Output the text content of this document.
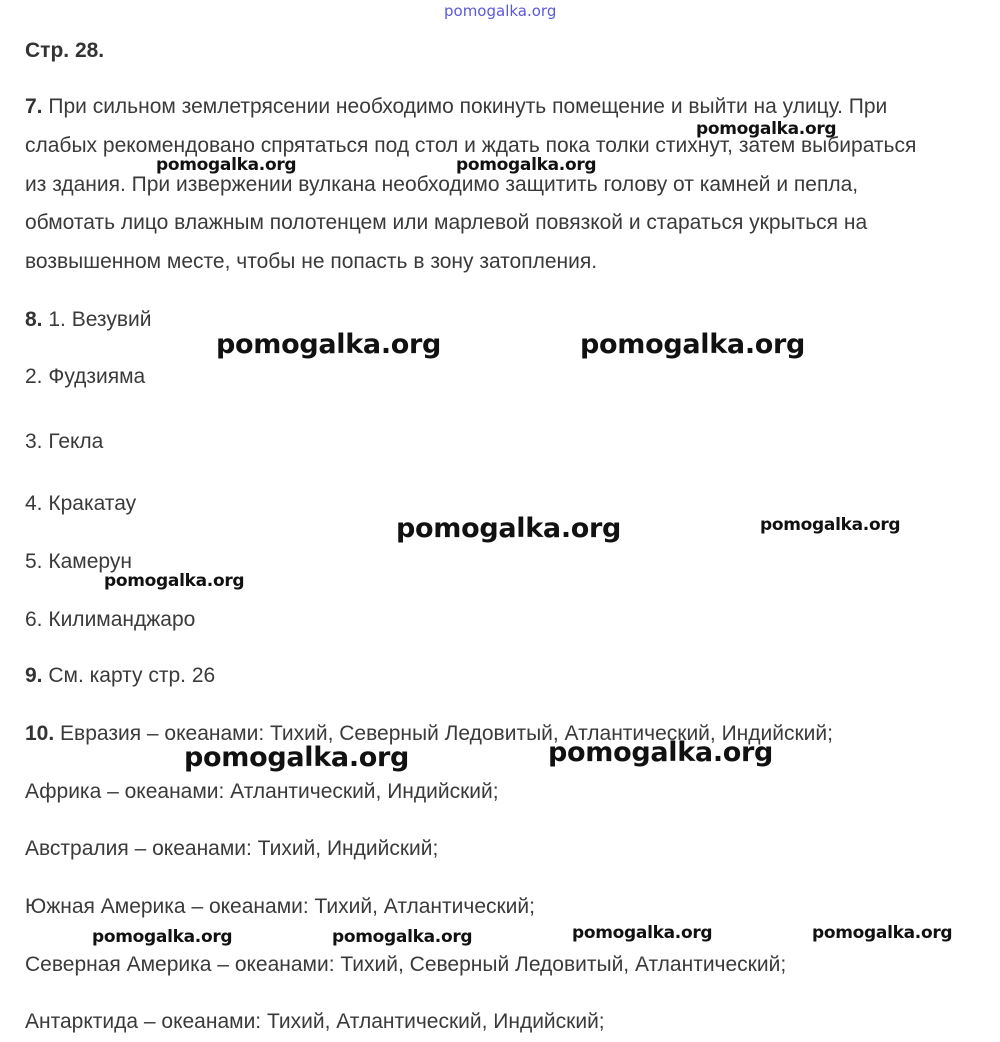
pomogalka.org
Стр. 28.
7. При сильном землетрясении необходимо покинуть помещение и выйти на улицу. При
слабых рекомендовано спрятаться под стол и ждать пока толки стихнут, затем выбираться
из здания. При извержении вулкана необходимо защитить голову от камней и пепла,
обмотать лицо влажным полотенцем или марлевой повязкой и стараться укрыться на
возвышенном месте, чтобы не попасть в зону затопления.
8. 1. Везувий
2. Фудзияма
3. Гекла
4. Кракатау
5. Камерун
6. Килиманджаро
9. См. карту стр. 26
10. Евразия – океанами: Тихий, Северный Ледовитый, Атлантический, Индийский;
Африка – океанами: Атлантический, Индийский;
Австралия – океанами: Тихий, Индийский;
Южная Америка – океанами: Тихий, Атлантический;
Северная Америка – океанами: Тихий, Северный Ледовитый, Атлантический;
Антарктида – океанами: Тихий, Атлантический, Индийский;
pomogalka.org
pomogalka.org	pomogalka.org
pomogalka.org	pomogalka.org
pomogalka.org	pomogalka.org
pomogalka.org
pomogalka.org	pomogalka.org
pomogalka.org	pomogalka.org	pomogalka.org	pomogalka.org
